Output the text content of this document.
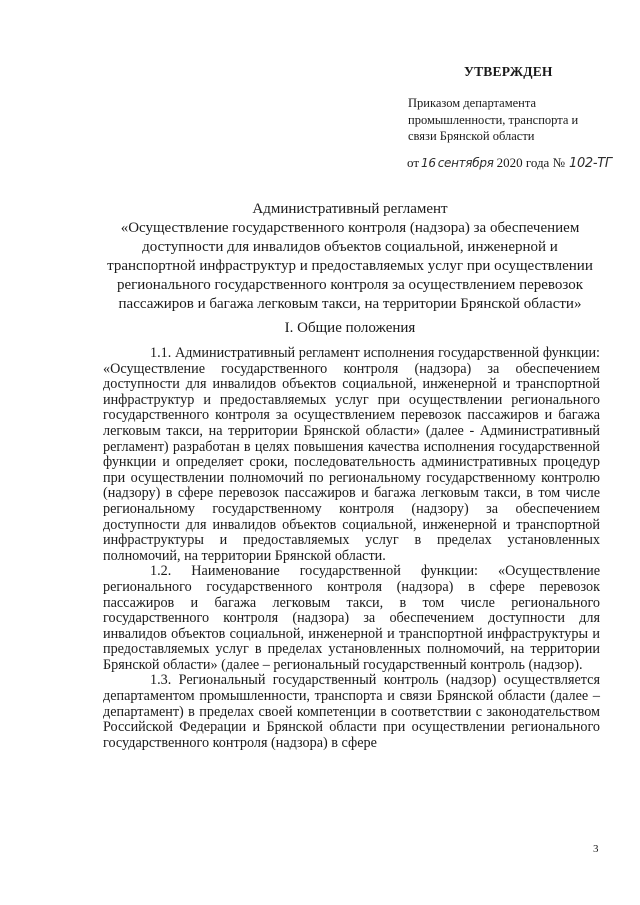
УТВЕРЖДЕН
Приказом департамента
промышленности, транспорта и
связи Брянской области
от 16 сентября 2020 года № 102-ТГ
Административный регламент
«Осуществление государственного контроля (надзора) за обеспечением доступности для инвалидов объектов социальной, инженерной и транспортной инфраструктур и предоставляемых услуг при осуществлении регионального государственного контроля за осуществлением перевозок пассажиров и багажа легковым такси, на территории Брянской области»
I. Общие положения

1.1. Административный регламент исполнения государственной функции: «Осуществление государственного контроля (надзора) за обеспечением доступности для инвалидов объектов социальной, инженерной и транспортной инфраструктур и предоставляемых услуг при осуществлении регионального государственного контроля за осуществлением перевозок пассажиров и багажа легковым такси, на территории Брянской области» (далее - Административный регламент) разработан в целях повышения качества исполнения государственной функции и определяет сроки, последовательность административных процедур при осуществлении полномочий по региональному государственному контролю (надзору) в сфере перевозок пассажиров и багажа легковым такси, в том числе региональному государственному контроля (надзору) за обеспечением доступности для инвалидов объектов социальной, инженерной и транспортной инфраструктуры и предоставляемых услуг в пределах установленных полномочий, на территории Брянской области.

1.2. Наименование государственной функции: «Осуществление регионального государственного контроля (надзора) в сфере перевозок пассажиров и багажа легковым такси, в том числе регионального государственного контроля (надзора) за обеспечением доступности для инвалидов объектов социальной, инженерной и транспортной инфраструктуры и предоставляемых услуг в пределах установленных полномочий, на территории Брянской области» (далее – региональный государственный контроль (надзор).

1.3. Региональный государственный контроль (надзор) осуществляется департаментом промышленности, транспорта и связи Брянской области (далее – департамент) в пределах своей компетенции в соответствии с законодательством Российской Федерации и Брянской области при осуществлении регионального государственного контроля (надзора) в сфере

3
